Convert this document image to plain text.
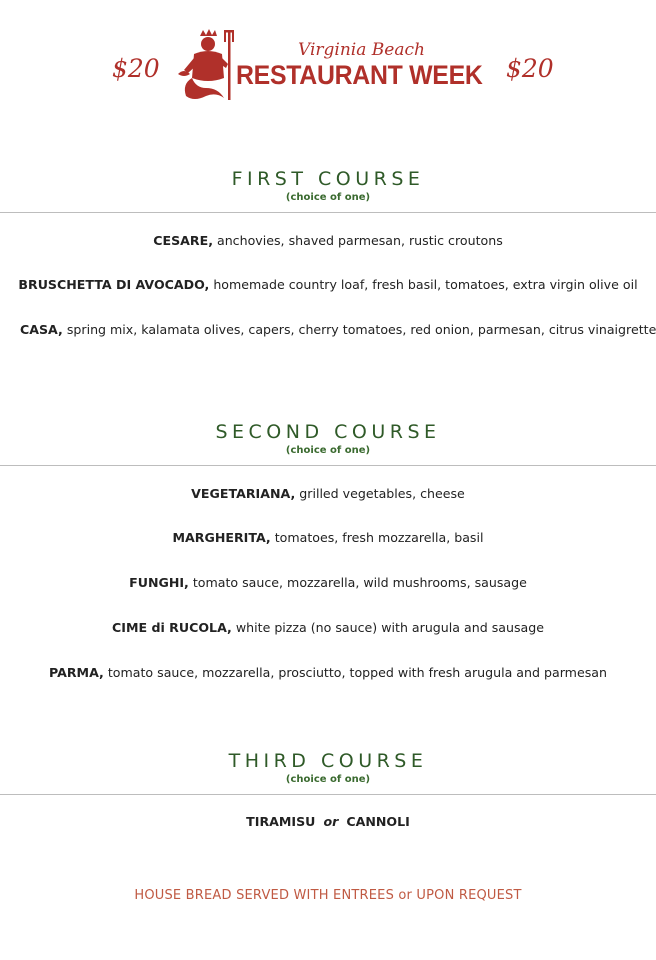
$20
Virginia Beach
RESTAURANT WEEK $20
FIRST COURSE
(choice of one)
CESARE, anchovies, shaved parmesan, rustic croutons
BRUSCHETTA DI AVOCADO, homemade country loaf, fresh basil, tomatoes, extra virgin olive oil
CASA, spring mix, kalamata olives, capers, cherry tomatoes, red onion, parmesan, citrus vinaigrette
SECOND COURSE
(choice of one)
VEGETARIANA, grilled vegetables, cheese
MARGHERITA, tomatoes, fresh mozzarella, basil
FUNGHI, tomato sauce, mozzarella, wild mushrooms, sausage
CIME di RUCOLA, white pizza (no sauce) with arugula and sausage
PARMA, tomato sauce, mozzarella, prosciutto, topped with fresh arugula and parmesan
THIRD COURSE
(choice of one)
TIRAMISU or CANNOLI
HOUSE BREAD SERVED WITH ENTREES or UPON REQUEST
